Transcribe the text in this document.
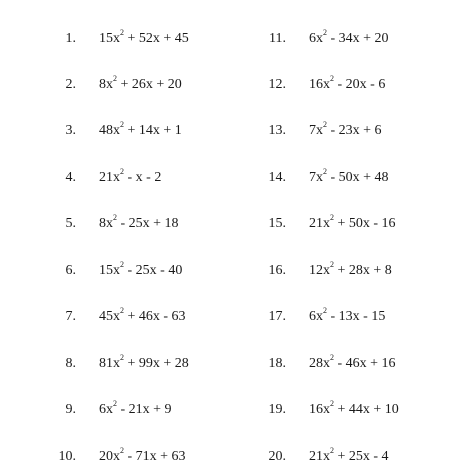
1. $15x^2 + 52x + 45$
2. $8x^2 + 26x + 20$
3. $48x^2 + 14x + 1$
4. $21x^2$ - x - 2
5. $8x^2 - 25x + 18$
6. $15x^2 - 25x - 40$
7. $45x^2 + 46x - 63$
8. $81x^2 + 99x + 28$
9. $6x^2 - 21x + 9$
10. $20x^2 - 71x + 63$
11. $6x^2 - 34x + 20$
12. $16x^2 - 20x - 6$
13. $7x^2 - 23x + 6$
14. $7x^2 - 50x + 48$
15. $21x^2 + 50x - 16$
16. $12x^2 + 28x + 8$
17. $6x^2 - 13x - 15$
18. $28x^2 - 46x + 16$
19. $16x^2 + 44x + 10$
20. $21x^2 + 25x - 4$
